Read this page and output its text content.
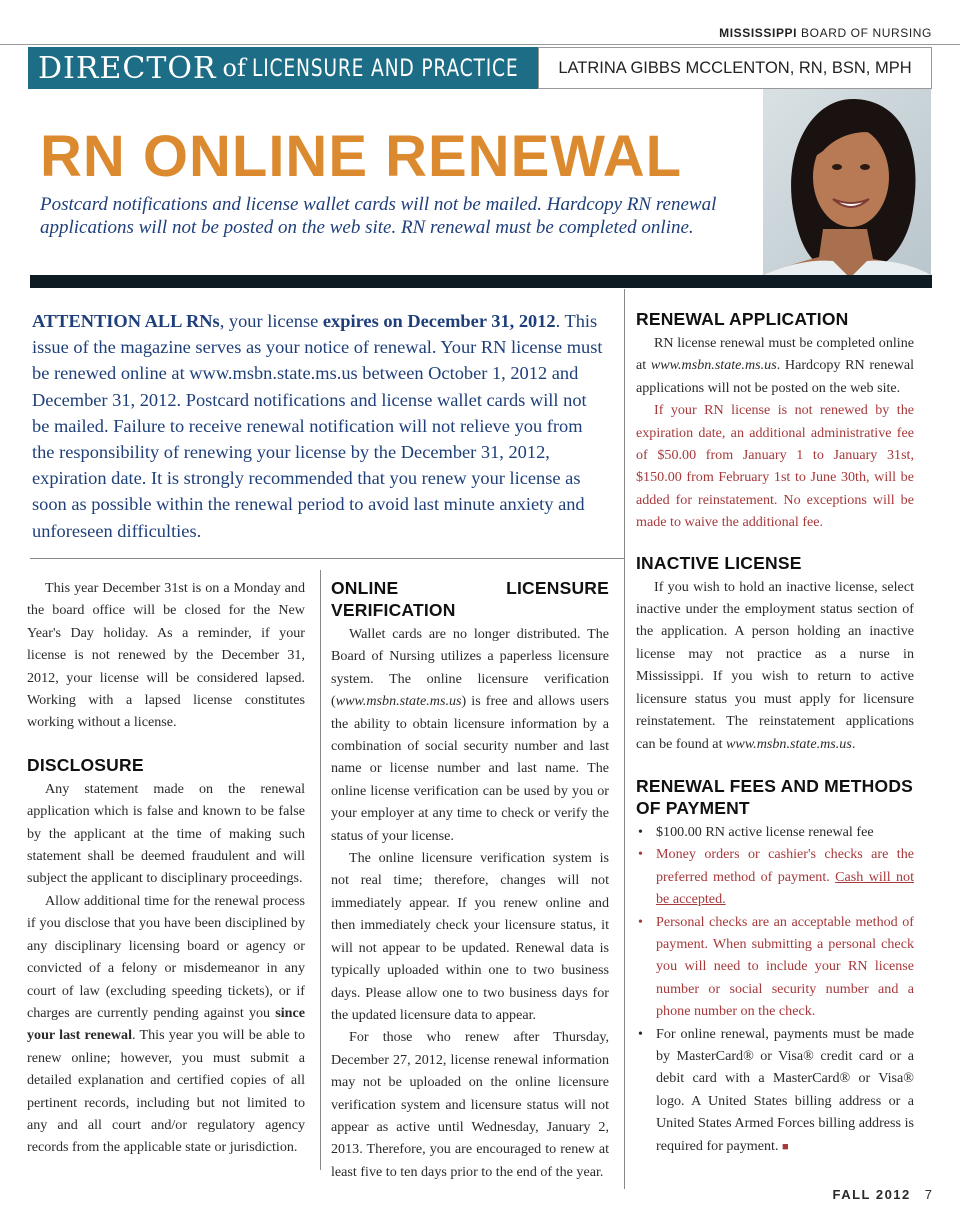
MISSISSIPPI BOARD OF NURSING
DIRECTOR of LICENSURE AND PRACTICE	LATRINA GIBBS MCCLENTON, RN, BSN, MPH
RN ONLINE RENEWAL
Postcard notifications and license wallet cards will not be mailed. Hardcopy RN renewal applications will not be posted on the web site. RN renewal must be completed online.
ATTENTION ALL RNs, your license expires on December 31, 2012. This issue of the magazine serves as your notice of renewal. Your RN license must be renewed online at www.msbn.state.ms.us between October 1, 2012 and December 31, 2012. Postcard notifications and license wallet cards will not be mailed. Failure to receive renewal notification will not relieve you from the responsibility of renewing your license by the December 31, 2012, expiration date. It is strongly recommended that you renew your license as soon as possible within the renewal period to avoid last minute anxiety and unforeseen difficulties.

This year December 31st is on a Monday and the board office will be closed for the New Year's Day holiday. As a reminder, if your license is not renewed by the December 31, 2012, your license will be considered lapsed. Working with a lapsed license constitutes working without a license.

DISCLOSURE

Any statement made on the renewal application which is false and known to be false by the applicant at the time of making such statement shall be deemed fraudulent and will subject the applicant to disciplinary proceedings.

Allow additional time for the renewal process if you disclose that you have been disciplined by any disciplinary licensing board or agency or convicted of a felony or misdemeanor in any court of law (excluding speeding tickets), or if charges are currently pending against you since your last renewal. This year you will be able to renew online; however, you must submit a detailed explanation and certified copies of all pertinent records, including but not limited to any and all court and/or regulatory agency records from the applicable state or jurisdiction.

ONLINE LICENSURE VERIFICATION

Wallet cards are no longer distributed. The Board of Nursing utilizes a paperless licensure system. The online licensure verification (www.msbn.state.ms.us) is free and allows users the ability to obtain licensure information by a combination of social security number and last name or license number and last name. The online license verification can be used by you or your employer at any time to check or verify the status of your license.

The online licensure verification system is not real time; therefore, changes will not immediately appear. If you renew online and then immediately check your licensure status, it will not appear to be updated. Renewal data is typically uploaded within one to two business days. Please allow one to two business days for the updated licensure data to appear.

For those who renew after Thursday, December 27, 2012, license renewal information may not be uploaded on the online licensure verification system and licensure status will not appear as active until Wednesday, January 2, 2013. Therefore, you are encouraged to renew at least five to ten days prior to the end of the year.

RENEWAL APPLICATION

RN license renewal must be completed online at www.msbn.state.ms.us. Hardcopy RN renewal applications will not be posted on the web site.

If your RN license is not renewed by the expiration date, an additional administrative fee of $50.00 from January 1 to January 31st, $150.00 from February 1st to June 30th, will be added for reinstatement. No exceptions will be made to waive the additional fee.

INACTIVE LICENSE

If you wish to hold an inactive license, select inactive under the employment status section of the application. A person holding an inactive license may not practice as a nurse in Mississippi. If you wish to return to active licensure status you must apply for licensure reinstatement. The reinstatement applications can be found at www.msbn.state.ms.us.

RENEWAL FEES AND METHODS
OF PAYMENT
• $100.00 RN active license renewal fee
• Money orders or cashier's checks are the preferred method of payment. Cash will not be accepted.
• Personal checks are an acceptable method of payment. When submitting a personal check you will need to include your RN license number or social security number and a phone number on the check.
• For online renewal, payments must be made by MasterCard® or Visa® credit card or a debit card with a MasterCard® or Visa® logo. A United States billing address or a United States Armed Forces billing address is required for payment. ■
FALL 2012 7
